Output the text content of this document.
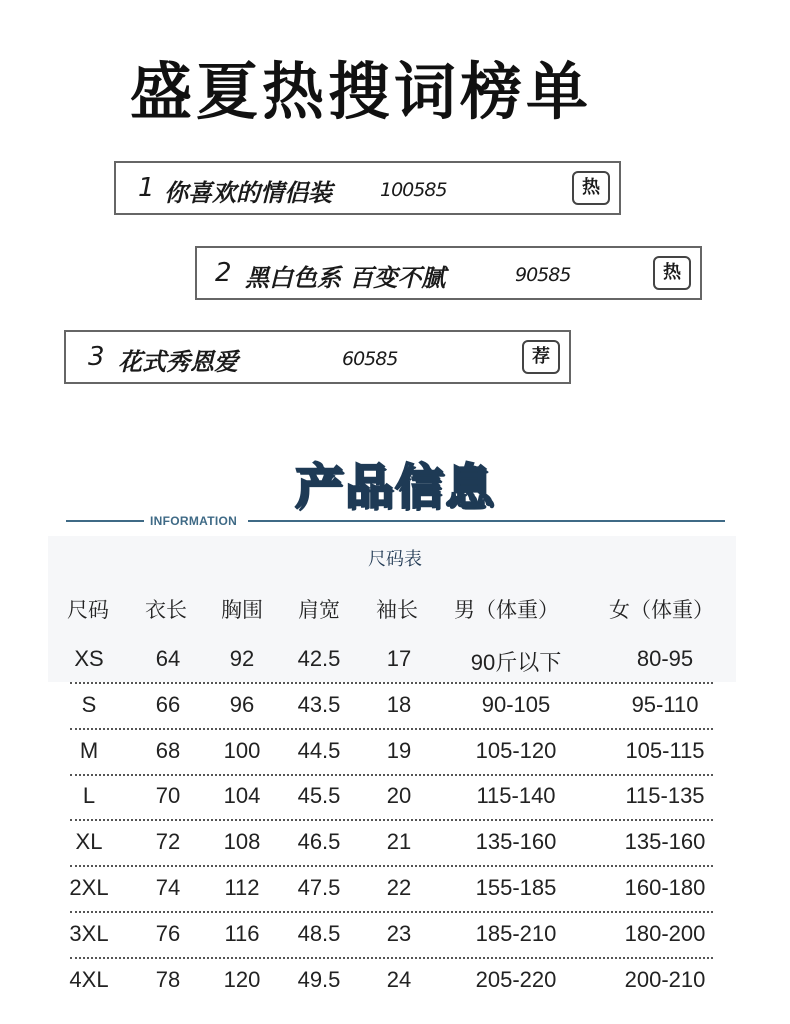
盛夏热搜词榜单
1 你喜欢的情侣装	100585	热
2 黑白色系 百变不腻	90585	热
3 花式秀恩爱	60585	荐
产品信息
INFORMATION
尺码表
尺码 衣长 胸围 肩宽 袖长 男（体重） 女（体重）
XS	64	92	42.5	17	90斤以下	80-95
S	66	96	43.5	18	90-105	95-110
M	68	100	44.5	19	105-120	105-115
L	70	104	45.5	20	115-140	115-135
XL	72	108	46.5	21	135-160	135-160
2XL	74	112	47.5	22	155-185	160-180
3XL	76	116	48.5	23	185-210	180-200
4XL	78	120	49.5	24	205-220	200-210
